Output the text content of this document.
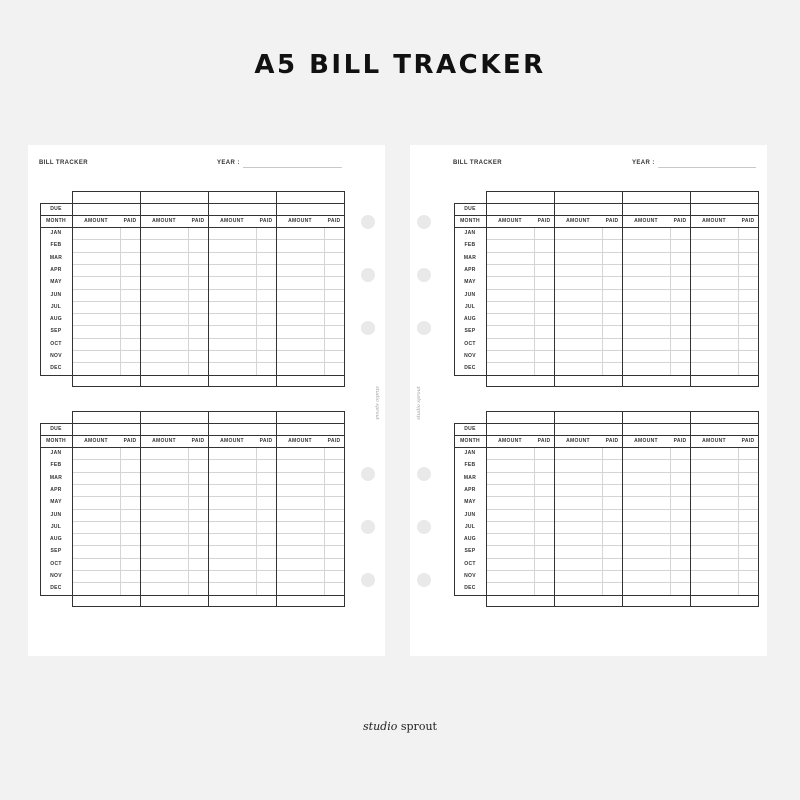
A5 BILL TRACKER
BILL TRACKER	YEAR :
DUE
MONTH	AMOUNT	PAID	AMOUNT	PAID	AMOUNT	PAID	AMOUNT	PAID
JAN
FEB
MAR
APR
MAY
JUN
JUL
AUG
SEP
OCT
NOV
DEC
DUE
MONTH	AMOUNT	PAID	AMOUNT	PAID	AMOUNT	PAID	AMOUNT	PAID
JAN
FEB
MAR
APR
MAY
JUN
JUL
AUG
SEP
OCT
NOV
DEC
studio sprout
BILL TRACKER	YEAR :
DUE
MONTH	AMOUNT	PAID	AMOUNT	PAID	AMOUNT	PAID	AMOUNT	PAID
JAN
FEB
MAR
APR
MAY
JUN
JUL
AUG
SEP
OCT
NOV
DEC
DUE
MONTH	AMOUNT	PAID	AMOUNT	PAID	AMOUNT	PAID	AMOUNT	PAID
JAN
FEB
MAR
APR
MAY
JUN
JUL
AUG
SEP
OCT
NOV
DEC
studio sprout
studio sprout
